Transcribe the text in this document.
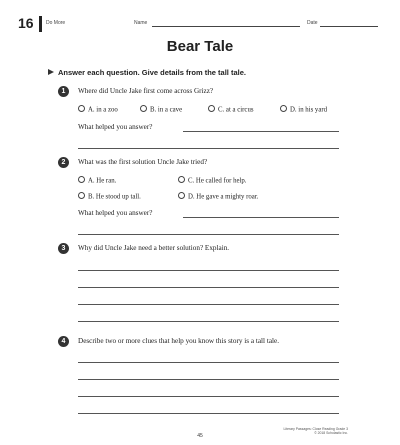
16 Do More	Name	Date
Bear Tale
Answer each question. Give details from the tall tale.
1	Where did Uncle Jake first come across Grizz?
A. in a zoo	B. in a cave	C. at a circus	D. in his yard
What helped you answer?
2	What was the first solution Uncle Jake tried?
A. He ran.	C. He called for help.
B. He stood up tall.	D. He gave a mighty roar.
What helped you answer?
3	Why did Uncle Jake need a better solution? Explain.
4	Describe two or more clues that help you know this story is a tall tale.
Literary Passages: Close Reading Grade 3
© 2018 Scholastic Inc.
45
